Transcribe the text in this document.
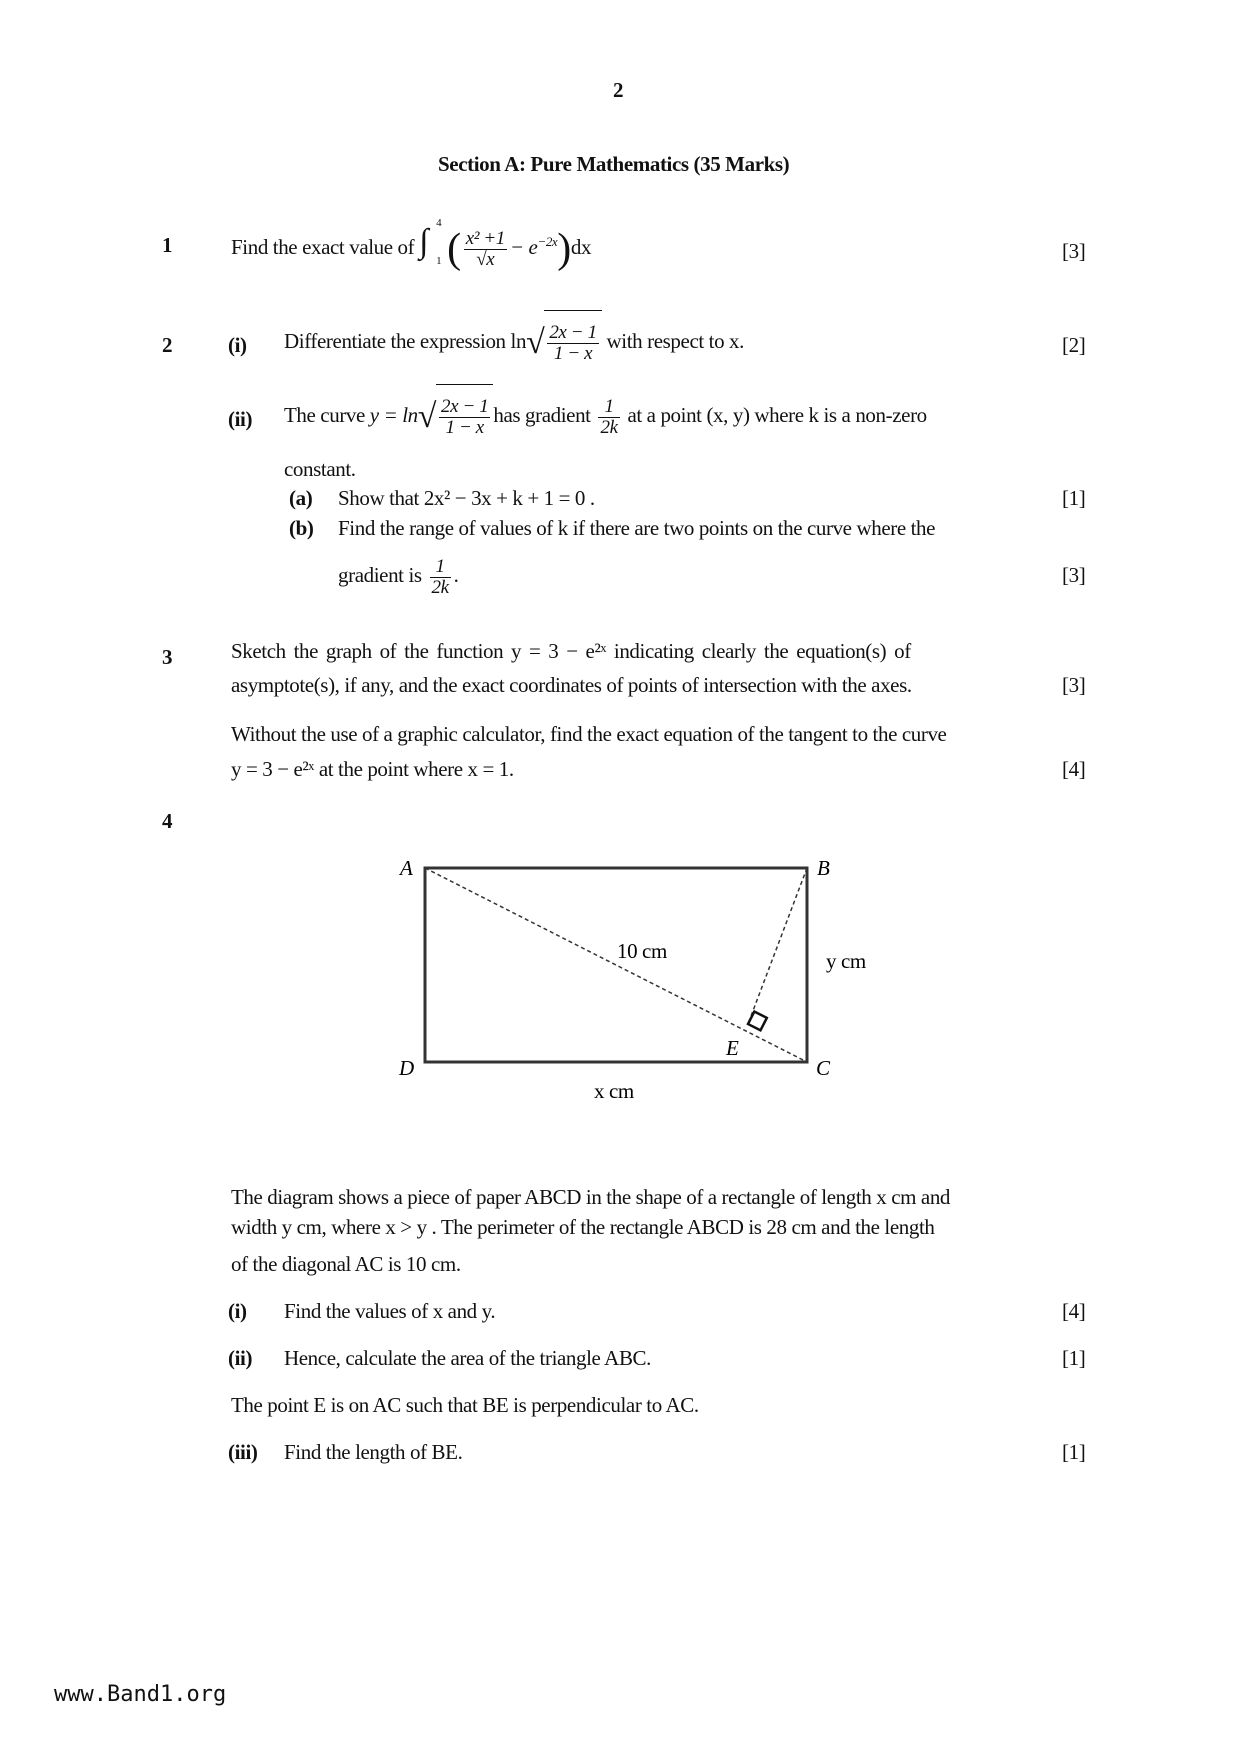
2
Section A: Pure Mathematics (35 Marks)
1	Find the exact value of ∫ 4
1 ( $\frac{\text{x² +1}}{√x} - e^{-2x})dx$	[3]
2	(i) Differentiate the expression $\ln√ \frac{2x - 1}{1 - x}$ with respect to x.	[2]
(ii) The curve $y = \ln√ \frac{2x - 1}{1 - x}$ has gradient $\frac{1}{2k}$ at a point (x, y) where k is a non-zero
constant.
(a) Show that 2x² − 3x + k + 1 = 0 .	[1]
(b) Find the range of values of k if there are two points on the curve where the
gradient is $\frac{1}{2k}$ .	[3]
3	Sketch the graph of the function y = 3 − e²ˣ indicating clearly the equation(s) of
asymptote(s), if any, and the exact coordinates of points of intersection with the axes.	[3]
Without the use of a graphic calculator, find the exact equation of the tangent to the curve
y = 3 − e²ˣ at the point where x = 1.	[4]
4
A	B
C
D
E
10 cm	y cm
x cm
The diagram shows a piece of paper ABCD in the shape of a rectangle of length x cm and
width y cm, where x > y . The perimeter of the rectangle ABCD is 28 cm and the length
of the diagonal AC is 10 cm.
(i) Find the values of x and y.	[4]
(ii) Hence, calculate the area of the triangle ABC.	[1]
The point E is on AC such that BE is perpendicular to AC.
(iii) Find the length of BE.	[1]
www.Band1.org
